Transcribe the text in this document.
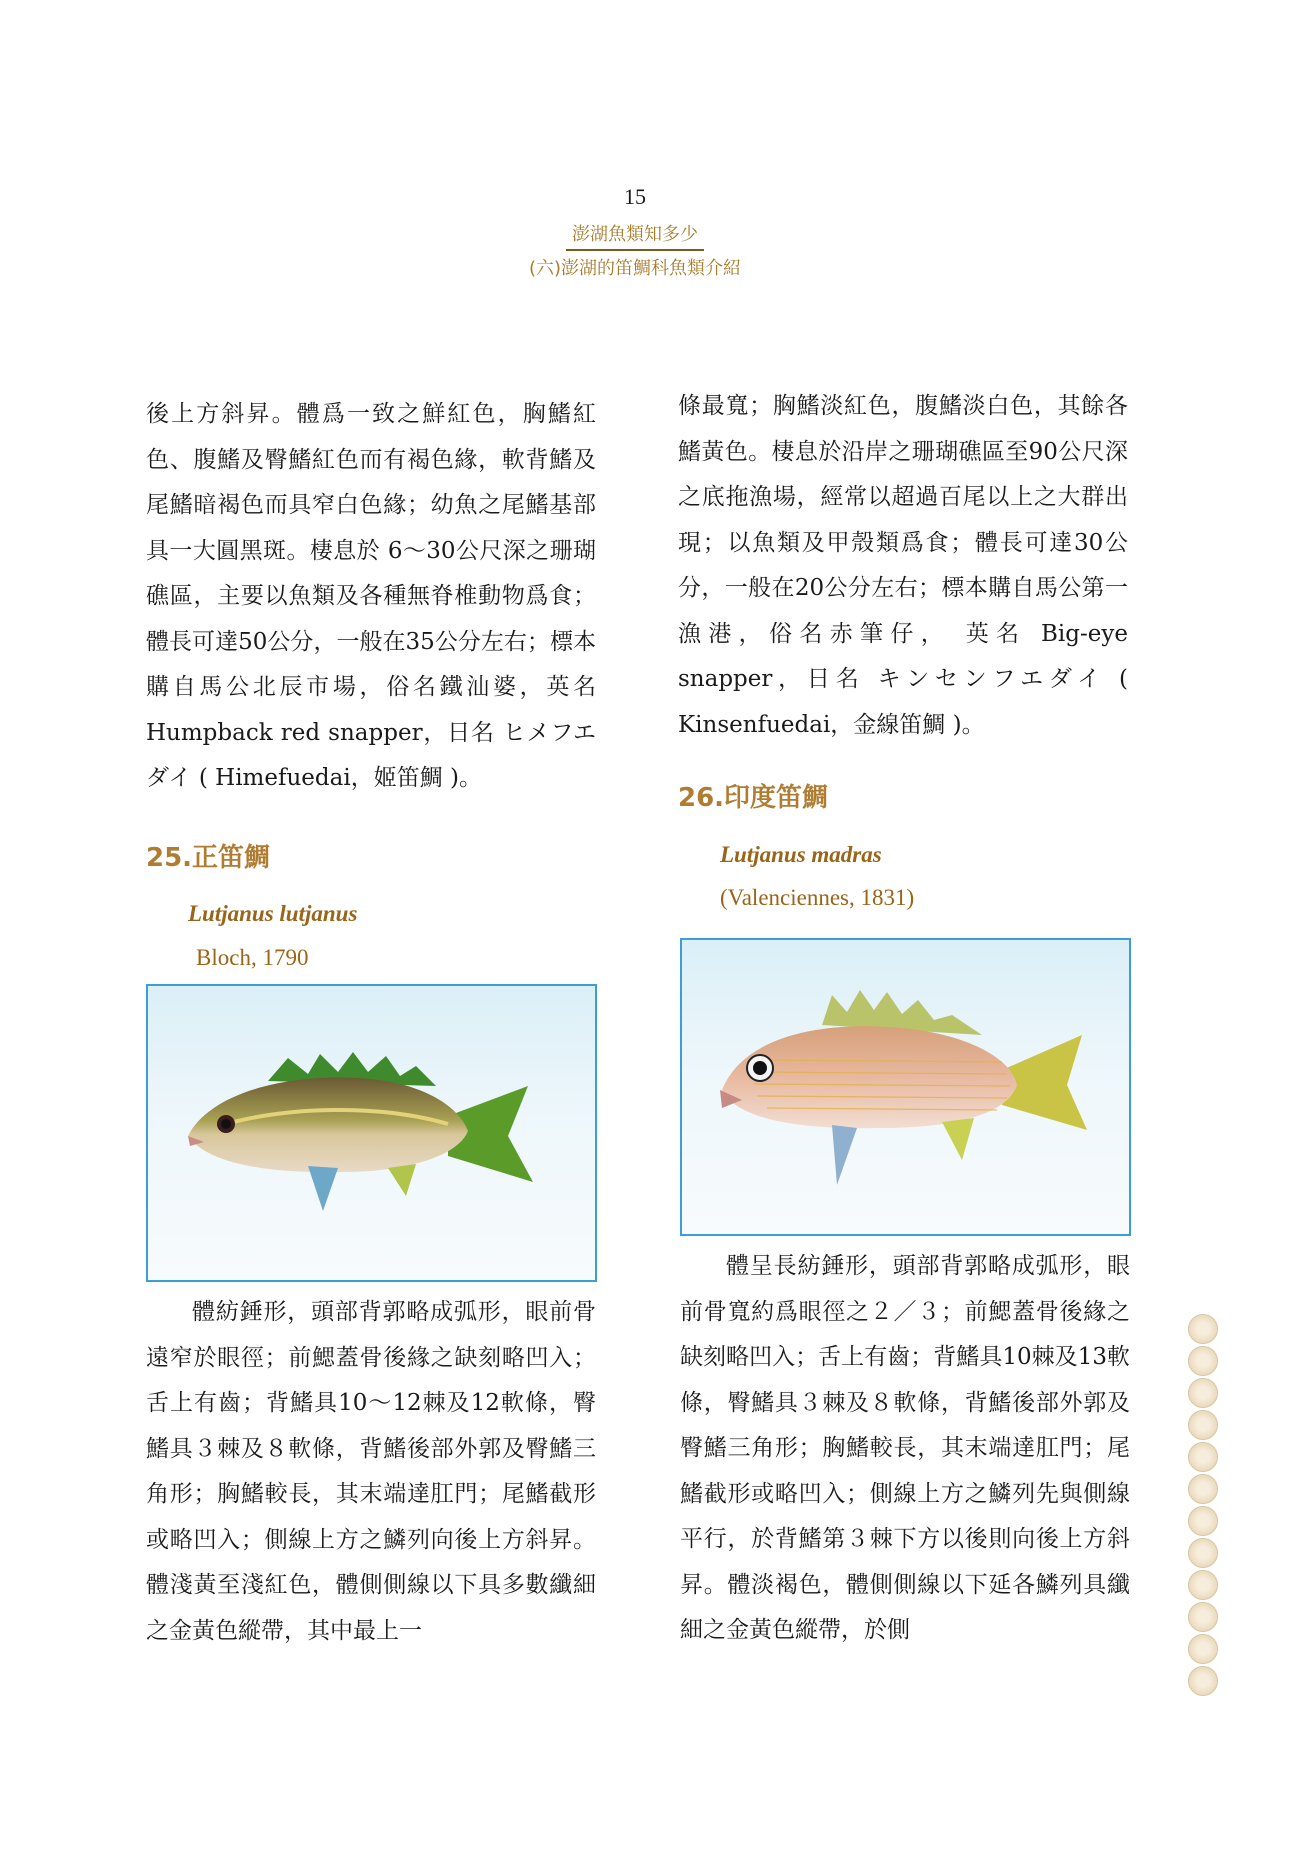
15
澎湖魚類知多少
(六)澎湖的笛鯛科魚類介紹

後上方斜昇。體爲一致之鮮紅色，胸鰭紅色、腹鰭及臀鰭紅色而有褐色緣，軟背鰭及尾鰭暗褐色而具窄白色緣；幼魚之尾鰭基部具一大圓黑斑。棲息於 6～30公尺深之珊瑚礁區，主要以魚類及各種無脊椎動物爲食；體長可達50公分，一般在35公分左右；標本購自馬公北辰市場，俗名鐵汕婆，英名 Humpback red snapper，日名 ヒメフエダイ ( Himefuedai，姬笛鯛 )。

25.正笛鯛
Lutjanus lutjanus
Bloch, 1790

體紡錘形，頭部背郭略成弧形，眼前骨遠窄於眼徑；前鰓蓋骨後緣之缺刻略凹入；舌上有齒；背鰭具10～12棘及12軟條，臀鰭具３棘及８軟條，背鰭後部外郭及臀鰭三角形；胸鰭較長，其末端達肛門；尾鰭截形或略凹入；側線上方之鱗列向後上方斜昇。體淺黃至淺紅色，體側側線以下具多數纖細之金黃色縱帶，其中最上一

條最寬；胸鰭淡紅色，腹鰭淡白色，其餘各鰭黃色。棲息於沿岸之珊瑚礁區至90公尺深之底拖漁場，經常以超過百尾以上之大群出現；以魚類及甲殼類爲食；體長可達30公分，一般在20公分左右；標本購自馬公第一漁港，俗名赤筆仔， 英名 Big-eye snapper，日名 キンセンフエダイ ( Kinsenfuedai，金線笛鯛 )。

26.印度笛鯛
Lutjanus madras
(Valenciennes, 1831)

體呈長紡錘形，頭部背郭略成弧形，眼前骨寬約爲眼徑之２／３；前鰓蓋骨後緣之缺刻略凹入；舌上有齒；背鰭具10棘及13軟條，臀鰭具３棘及８軟條，背鰭後部外郭及臀鰭三角形；胸鰭較長，其末端達肛門；尾鰭截形或略凹入；側線上方之鱗列先與側線平行，於背鰭第３棘下方以後則向後上方斜昇。體淡褐色，體側側線以下延各鱗列具纖細之金黃色縱帶，於側
